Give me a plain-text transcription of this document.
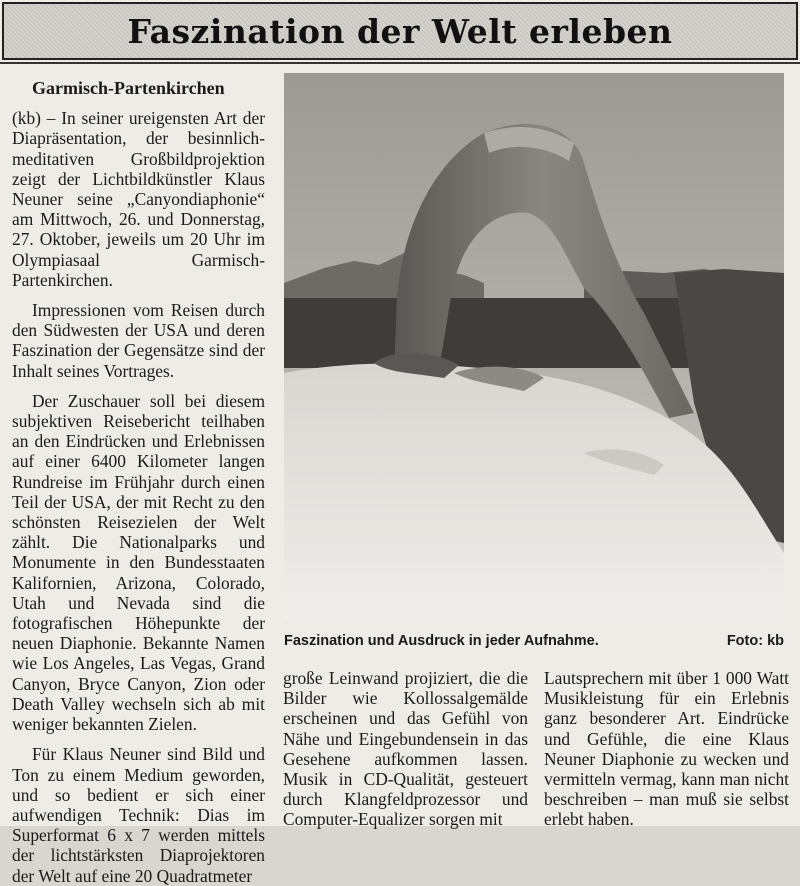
Faszination der Welt erleben

Garmisch-Partenkirchen

(kb) – In seiner ureigensten Art der Diapräsentation, der besinnlich-meditativen Großbildprojektion zeigt der Lichtbildkünstler Klaus Neuner seine „Canyondiaphonie“ am Mittwoch, 26. und Donnerstag, 27. Oktober, jeweils um 20 Uhr im Olympiasaal Garmisch-Partenkirchen.

Impressionen vom Reisen durch den Südwesten der USA und deren Faszination der Gegensätze sind der Inhalt seines Vortrages.

Der Zuschauer soll bei diesem subjektiven Reisebericht teilhaben an den Eindrücken und Erlebnissen auf einer 6400 Kilometer langen Rundreise im Frühjahr durch einen Teil der USA, der mit Recht zu den schönsten Reisezielen der Welt zählt. Die Nationalparks und Monumente in den Bundesstaaten Kalifornien, Arizona, Colorado, Utah und Nevada sind die fotografischen Höhepunkte der neuen Diaphonie. Bekannte Namen wie Los Angeles, Las Vegas, Grand Canyon, Bryce Canyon, Zion oder Death Valley wechseln sich ab mit weniger bekannten Zielen.

Für Klaus Neuner sind Bild und Ton zu einem Medium geworden, und so bedient er sich einer aufwendigen Technik: Dias im Superformat 6 x 7 werden mittels der lichtstärksten Diaprojektoren der Welt auf eine 20 Quadratmeter

Faszination und Ausdruck in jeder Aufnahme.	Foto: kb

große Leinwand projiziert, die die Bilder wie Kollossalgemälde erscheinen und das Gefühl von Nähe und Eingebundensein in das Gesehene aufkommen lassen. Musik in CD-Qualität, gesteuert durch Klangfeldprozessor und Computer-Equalizer sorgen mit

Lautsprechern mit über 1 000 Watt Musikleistung für ein Erlebnis ganz besonderer Art. Eindrücke und Gefühle, die eine Klaus Neuner Diaphonie zu wecken und vermitteln vermag, kann man nicht beschreiben – man muß sie selbst erlebt haben.
